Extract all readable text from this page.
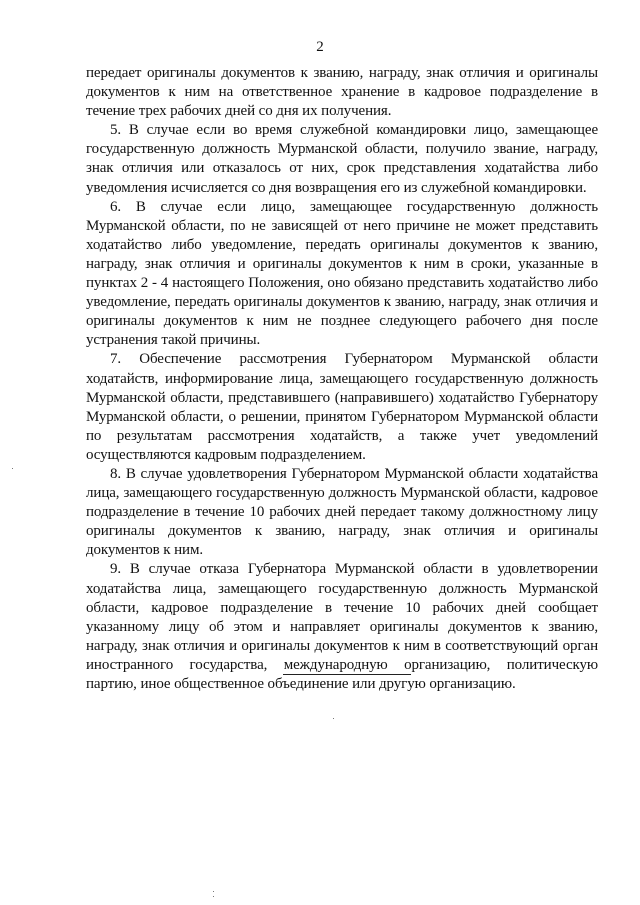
2

передает оригиналы документов к званию, награду, знак отличия и оригиналы документов к ним на ответственное хранение в кадровое подразделение в течение трех рабочих дней со дня их получения.

5. В случае если во время служебной командировки лицо, замещающее государственную должность Мурманской области, получило звание, награду, знак отличия или отказалось от них, срок представления ходатайства либо уведомления исчисляется со дня возвращения его из служебной командировки.

6. В случае если лицо, замещающее государственную должность Мурманской области, по не зависящей от него причине не может представить ходатайство либо уведомление, передать оригиналы документов к званию, награду, знак отличия и оригиналы документов к ним в сроки, указанные в пунктах 2 - 4 настоящего Положения, оно обязано представить ходатайство либо уведомление, передать оригиналы документов к званию, награду, знак отличия и оригиналы документов к ним не позднее следующего рабочего дня после устранения такой причины.

7. Обеспечение рассмотрения Губернатором Мурманской области ходатайств, информирование лица, замещающего государственную должность Мурманской области, представившего (направившего) ходатайство Губернатору Мурманской области, о решении, принятом Губернатором Мурманской области по результатам рассмотрения ходатайств, а также учет уведомлений осуществляются кадровым подразделением.

8. В случае удовлетворения Губернатором Мурманской области ходатайства лица, замещающего государственную должность Мурманской области, кадровое подразделение в течение 10 рабочих дней передает такому должностному лицу оригиналы документов к званию, награду, знак отличия и оригиналы документов к ним.

9. В случае отказа Губернатора Мурманской области в удовлетворении ходатайства лица, замещающего государственную должность Мурманской области, кадровое подразделение в течение 10 рабочих дней сообщает указанному лицу об этом и направляет оригиналы документов к званию, награду, знак отличия и оригиналы документов к ним в соответствующий орган иностранного государства, международную организацию, политическую партию, иное общественное объединение или другую организацию.
